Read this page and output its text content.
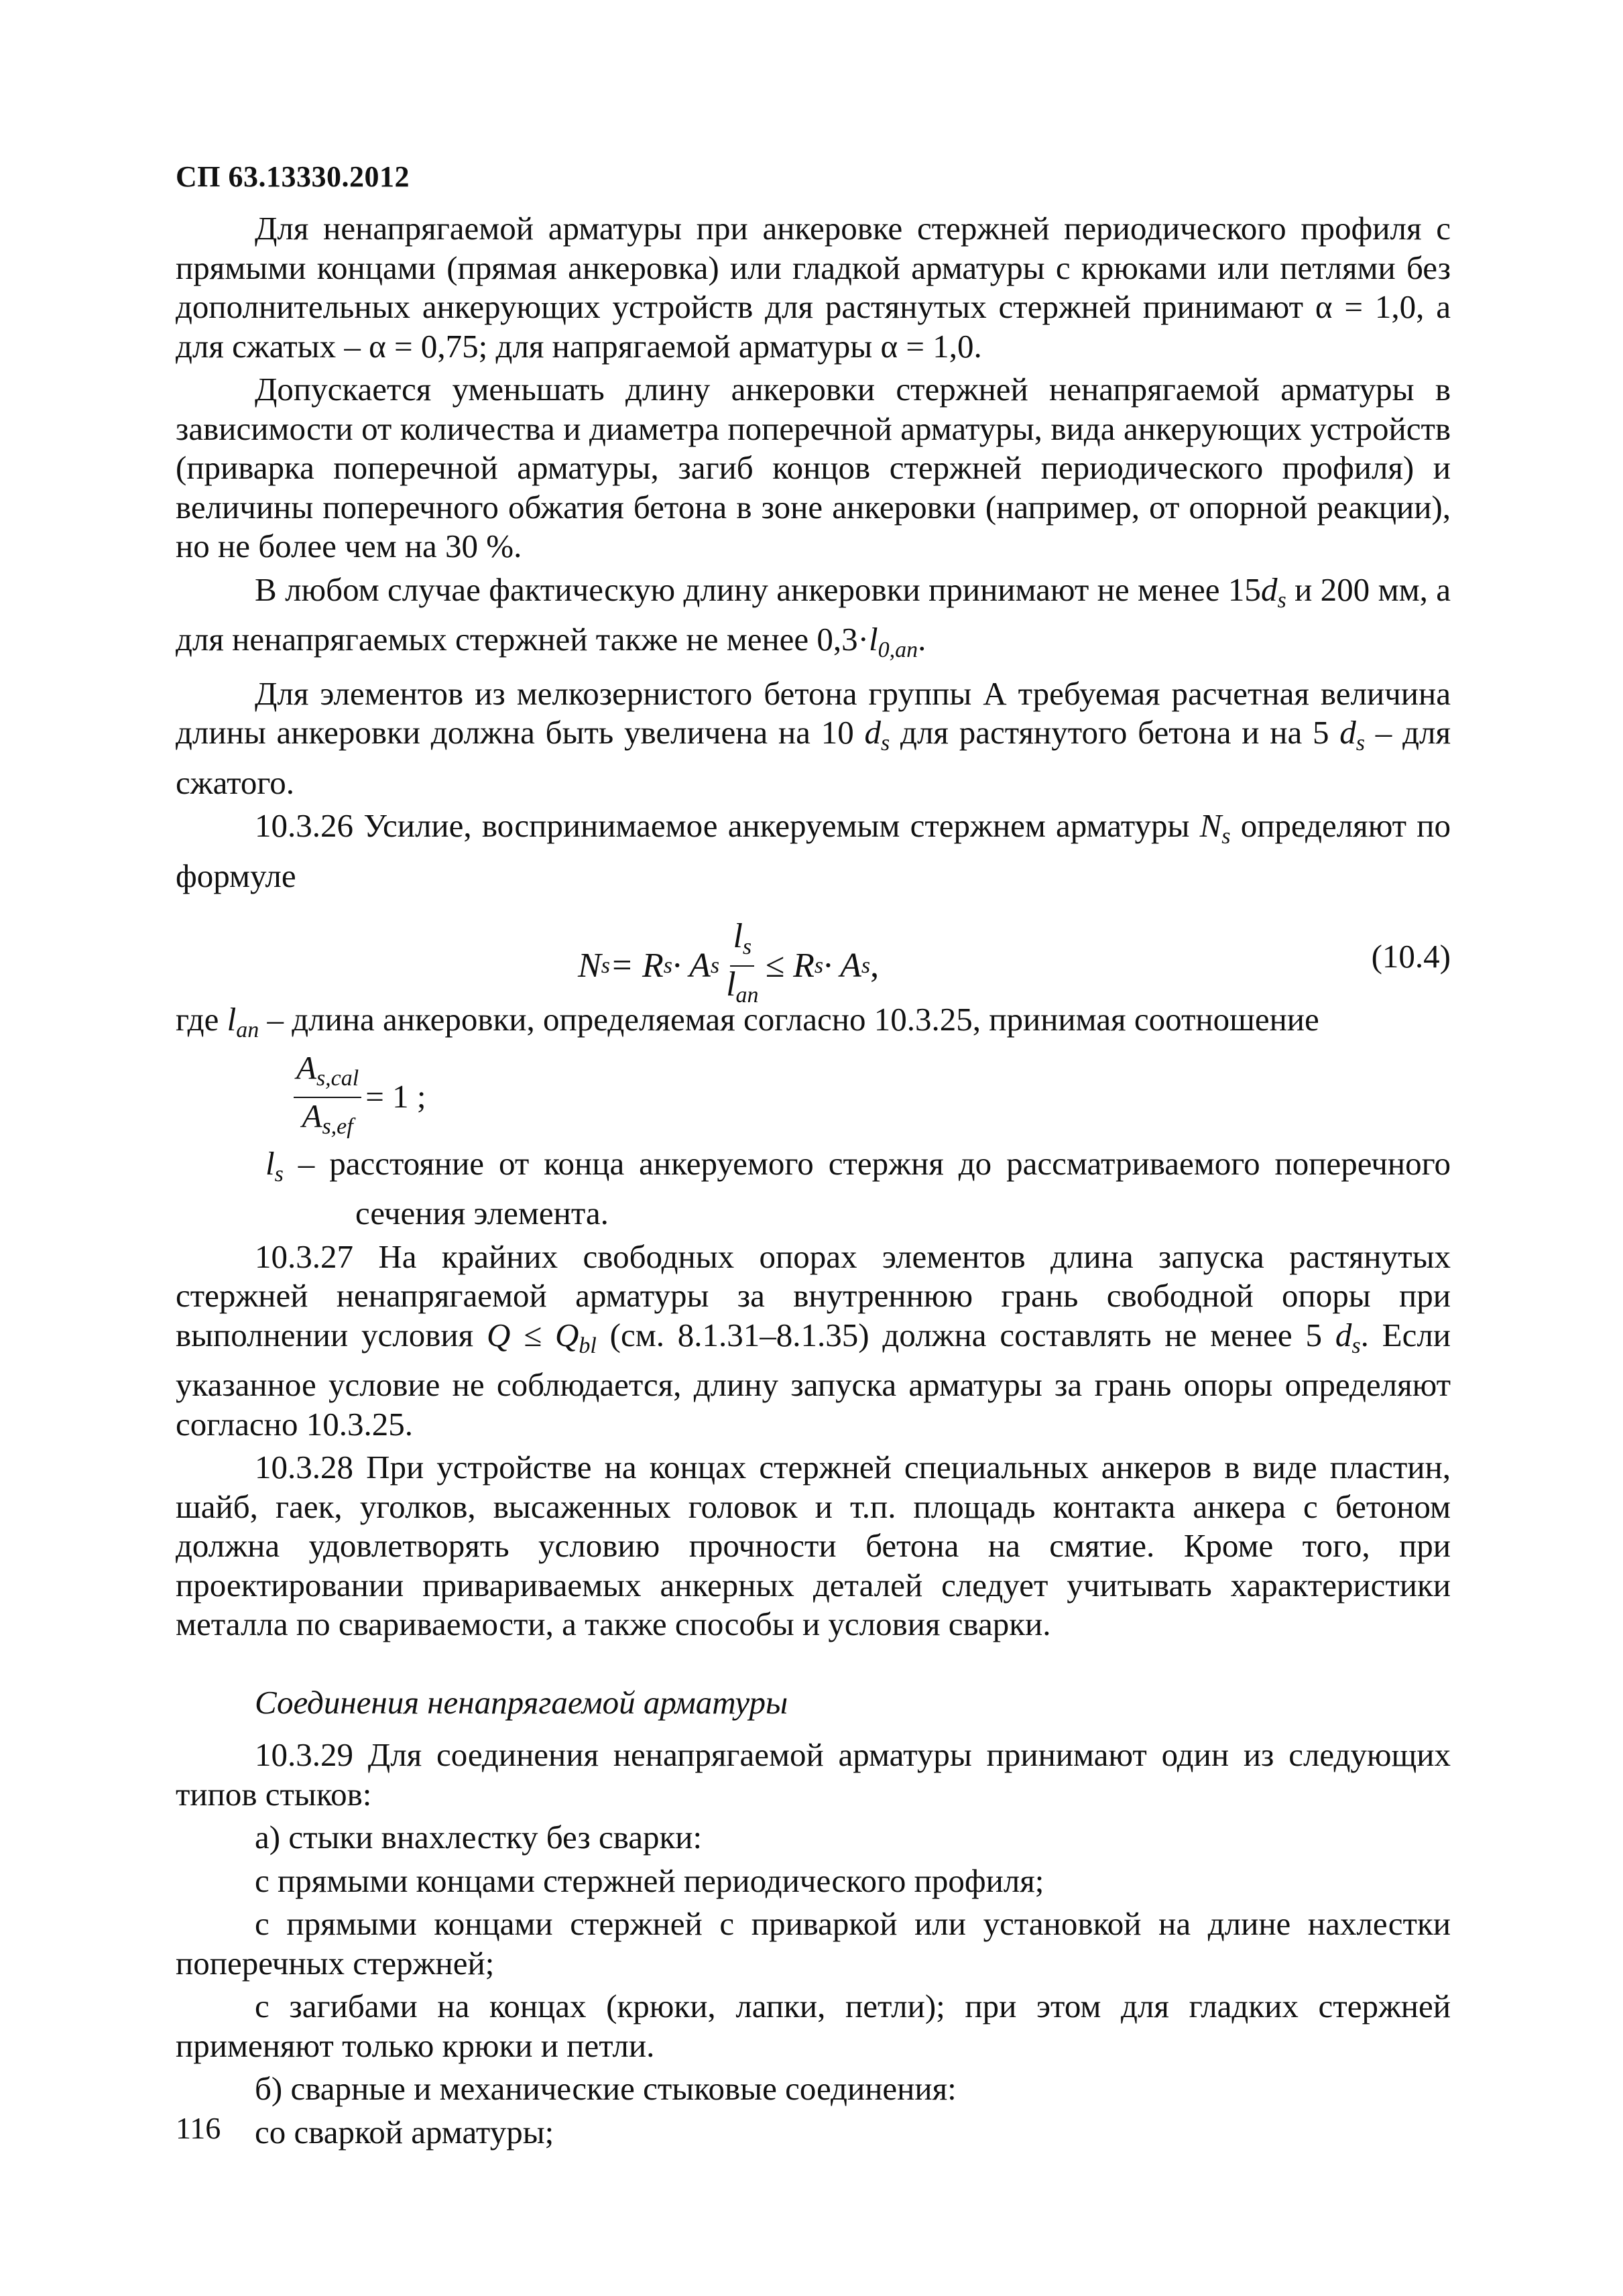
СП 63.13330.2012

Для ненапрягаемой арматуры при анкеровке стержней периодического профиля с прямыми концами (прямая анкеровка) или гладкой арматуры с крюками или петлями без дополнительных анкерующих устройств для растянутых стержней принимают α = 1,0, а для сжатых – α = 0,75; для напрягаемой арматуры α = 1,0.

Допускается уменьшать длину анкеровки стержней ненапрягаемой арматуры в зависимости от количества и диаметра поперечной арматуры, вида анкерующих устройств (приварка поперечной арматуры, загиб концов стержней периодического профиля) и величины поперечного обжатия бетона в зоне анкеровки (например, от опорной реакции), но не более чем на 30 %.

В любом случае фактическую длину анкеровки принимают не менее $15d_s$ и 200 мм, а для ненапрягаемых стержней также не менее $0,3\cdot l_{0,an}$.

Для элементов из мелкозернистого бетона группы А требуемая расчетная величина длины анкеровки должна быть увеличена на 10 $d_s$ для растянутого бетона и на 5 $d_s$ – для сжатого.

10.3.26 Усилие, воспринимаемое анкеруемым стержнем арматуры $N_s$ определяют по формуле

N s = R s · A s $\frac{l_s}{l_{an}} \le R$ s · A s ,	(10.4)

где $l_{an}$ – длина анкеровки, определяемая согласно 10.3.25, принимая соотношение

$\frac{A_{s,cal}}{A_{s,ef}} = 1$ ;

$l_s$ – расстояние от конца анкеруемого стержня до рассматриваемого поперечного сечения элемента.

10.3.27 На крайних свободных опорах элементов длина запуска растянутых стержней ненапрягаемой арматуры за внутреннюю грань свободной опоры при выполнении условия $Q \le Q_{bl}$ (см. 8.1.31–8.1.35) должна составлять не менее 5 $d_s$. Если указанное условие не соблюдается, длину запуска арматуры за грань опоры определяют согласно 10.3.25.

10.3.28 При устройстве на концах стержней специальных анкеров в виде пластин, шайб, гаек, уголков, высаженных головок и т.п. площадь контакта анкера с бетоном должна удовлетворять условию прочности бетона на смятие. Кроме того, при проектировании привариваемых анкерных деталей следует учитывать характеристики металла по свариваемости, а также способы и условия сварки.

Соединения ненапрягаемой арматуры

10.3.29 Для соединения ненапрягаемой арматуры принимают один из следующих типов стыков:

а) стыки внахлестку без сварки:

с прямыми концами стержней периодического профиля;

с прямыми концами стержней с приваркой или установкой на длине нахлестки поперечных стержней;

с загибами на концах (крюки, лапки, петли); при этом для гладких стержней применяют только крюки и петли.

б) сварные и механические стыковые соединения:

со сваркой арматуры;

116
